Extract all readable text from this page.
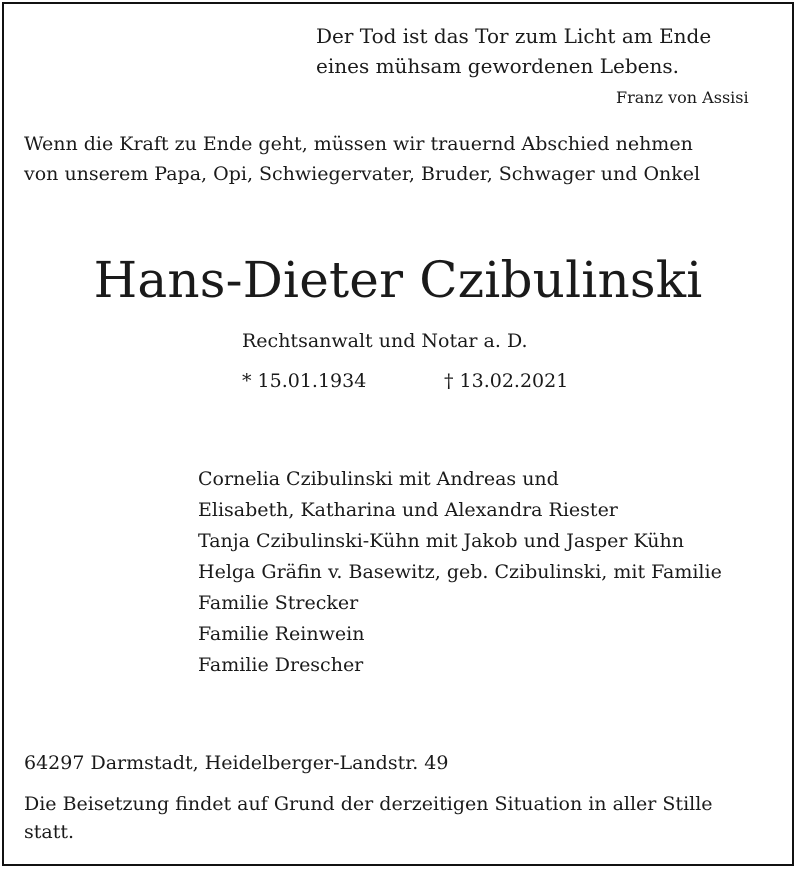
Der Tod ist das Tor zum Licht am Ende

eines mühsam gewordenen Lebens.

Franz von Assisi

Wenn die Kraft zu Ende geht, müssen wir trauernd Abschied nehmen

von unserem Papa, Opi, Schwiegervater, Bruder, Schwager und Onkel

Hans-Dieter Czibulinski

Rechtsanwalt und Notar a. D.

* 15.01.1934	† 13.02.2021

Cornelia Czibulinski mit Andreas und
Elisabeth, Katharina und Alexandra Riester
Tanja Czibulinski-Kühn mit Jakob und Jasper Kühn
Helga Gräfin v. Basewitz, geb. Czibulinski, mit Familie
Familie Strecker
Familie Reinwein
Familie Drescher

64297 Darmstadt, Heidelberger-Landstr. 49

Die Beisetzung findet auf Grund der derzeitigen Situation in aller Stille statt.
